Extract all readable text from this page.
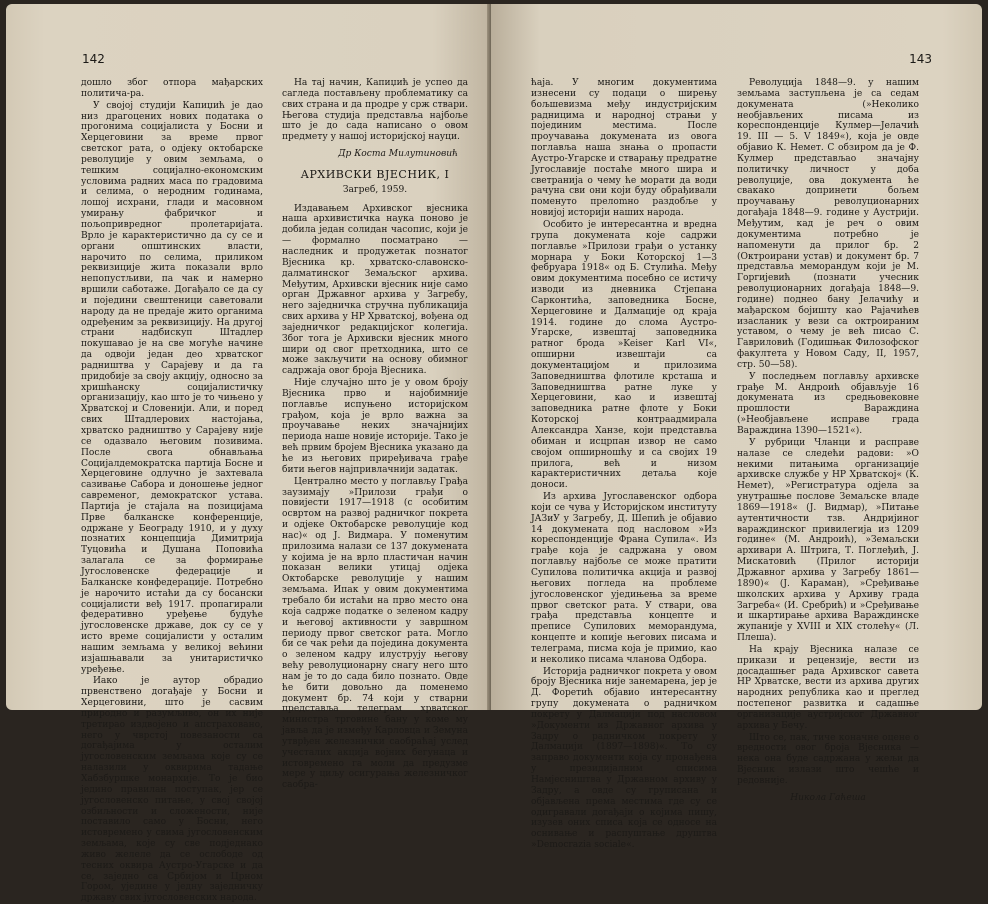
142

дошло због отпора мађарских политича-ра.

У својој студији Капиџић је дао низ драгоцених нових података о прогонима социјалиста у Босни и Херцеговини за време првог светског рата, о одјеку октобарске револуције у овим земљама, о тешким социјално-економским условима радних маса по градовима и селима, о неродним годинама, лошој исхрани, глади и масовном умирању фабричког и пољопривредног пролетаријата. Врло је карактеристично да су се и органи општинских власти, нарочито по селима, приликом реквизиције жита показали врло непопустљиви, па чак и намерно вршили саботаже. Догађало се да су и поједини свештеници саветовали народу да не предаје жито органима одређеним за реквизицију. На другој страни надбискуп Штадлер покушавао је на све могуће начине да одвоји један део хрватског радништва у Сарајеву и да га придобије за своју акцију, односно за хришћанску социјалистичку организацију, као што је то чињено у Хрватској и Словенији. Али, и поред свих Штадлерових настојања, хрватско радништво у Сарајеву није се одазвало његовим позивима. После свога обнављања Социјалдемократска партија Босне и Херцеговине одлучно је захтевала сазивање Сабора и доношење једног савременог, демократског устава. Партија је стајала на позицијама Прве балканске конференције, одржане у Београду 1910, и у духу познатих концепција Димитрија Туцовића и Душана Поповића залагала се за формирање Југословенске федерације и Балканске конфедерације. Потребно је нарочито истаћи да су босански социјалисти веђ 1917. пропагирали федеративно уређење будуће југословенске државе, док су се у исто време социјалисти у осталим нашим земљама у великој већини изјашњавали за унитаристичко уређење.

Иако је аутор обрадио првенствено догађаје у Босни и Херцеговини, што је сасвим природно и разумљиво, он их није третирао издвојено и апстраховано, него у чврстој повезаности са догађајима у осталим југословенским земљама које су се налазили у оквирима тадање Хабзбуршке монархије. То је био једино правилан поступак, јер се југословенско питање, у свој својој озбиљности и сложености, није поставило само у Босни, него истовремено у свима југословенским земљама, које су све подједнако живо желеле да се ослободе од тесних оквира Аустро-Угарске и да се, заједно са Србијом и Црном Гором, уједине у једну заједничку државу свих југословенских народа.

На тај начин, Капиџић је успео да сагледа постављену проблематику са свих страна и да продре у срж ствари. Његова студија представља најбоље што је до сада написано о овом предмету у нашој историјској науци.

Др Коста Милутиновић
АРХИВСКИ ВЈЕСНИК, I
Загреб, 1959.

Издавањем Архивског вјесника наша архивистичка наука поново је добила један солидан часопис, који је — формално посматрано — наследник и продужетак познатог Вјесника кр. хрватско-славонско-далматинског Земаљског архива. Међутим, Архивски вјесник није само орган Државног архива у Загребу, него заједничка стручна публикација свих архива у НР Хрватској, вођена од заједничког редакцијског колегија. Због тога је Архивски вјесник много шири од свог претходника, што се може закључити на основу обимног садржаја овог броја Вјесника.

Није случајно што је у овом броју Вјесника прво и најобимније поглавље испуњено историјском грађом, која је врло важна за проучавање неких значајнијих периода наше новије историје. Тако је већ првим бројем Вјесника указано да ће из његових приређивача грађе бити његов најпривлачнији задатак.

Централно место у поглављу Грађа заузимају »Прилози грађи о повијести 1917—1918 (с особитим освртом на развој радничког покрета и одјеке Октобарске револуције код нас)« од Ј. Видмара. У поменутим прилозима налази се 137 докумената у којима је на врло пластичан начин показан велики утицај одјека Октобарске револуције у нашим земљама. Ипак у овим документима требало би истаћи на прво место она која садрже податке о зеленом кадру и његовој активности у завршном периоду првог светског рата. Могло би се чак рећи да поједина документа о зеленом кадру илуструју његову већу револуционарну снагу него што нам је то до сада било познато. Овде ће бити довољно да поменемо документ бр. 74 који у стварни представља телеграм хрватског министра трговине бану у коме му јавља да је између Карловца и Земуна утврђен железнички саобраћај услед учесталих акција војних бегунаца и истовремено га моли да предузме мере у циљу осигурања железничког саобра-

143

ћаја. У многим документима изнесени су подаци о ширењу бољшевизма међу индустријским радницима и народној страњи у појединим местима. После проучавања докумената из овога поглавља наша знања о пропасти Аустро-Угарске и стварању предратне Југославије постаће много шира и светранија о чему ће морати да води рачуна сви они који буду обрађивали поменуто прелomно раздобље у новијој историји наших народа.

Особито је интересантна и вредна група докумената које садржи поглавље »Прилози грађи о устанку морнара у Боки Которској 1—3 фебруара 1918« од Б. Стулића. Међу овим документима посебно се истичу изводи из дневника Стјепана Сарконтића, заповедника Босне, Херцеговине и Далмације од краја 1914. године до слома Аустро-Угарске, извештај заповедника ратног брода »Keiser Karl VI«, опширни извештаји са документацијом и прилозима Заповедништва флотиле крсташа и Заповедништва ратне луке у Херцеговини, као и извештај заповедника ратне флоте у Боки Которској контраадмирала Александра Ханзе, који представља обиман и исцрпан извор не само својом опширношћу и са својих 19 прилога, већ и низом карактеристичних детаља које доноси.

Из архива Југославенског одбора који се чува у Историјском институту ЈАЗиУ у Загребу, Д. Шепић је објавио 14 докумената под насловом »Из кореспонденције Франа Супила«. Из грађе која је садржана у овом поглављу најбоље се може пратити Супилова политичка акција и развој његових погледа на проблеме југословенског уједињења за време првог светског рата. У ствари, ова грађа представља концепте и преписе Супилових меморандума, концепте и копије његових писама и телеграма, писма која је примио, као и неколико писама чланова Одбора.

Историја радничког покрета у овом броју Вјесника није занемарена, јер је Д. Форетић објавио интересантну групу докумената о радничком покрету у Далмацији под насловом »Документи из Државног архива у Задру о радничком покрету у Далмацији (1897—1898)«. То су заправо документи која су пронађена у президијалним списима Намјесништва у Државном архиву у Задру, а овде су груписана и објављена према местима где су се одигравали догађаји о којима пишу, изузев оних списа која се односе на оснивање и распуштање друштва »Democrazia sociale«.

Револуција 1848—9. у нашим земљама заступљена је са седам докумената (»Неколико необјављених писама из кореспонденције Кулмер—Јелачић 19. III — 5. V 1849«), која је овде објавио К. Немет. С обзиром да је Ф. Кулмер представљао значајну политичку личност у доба револуције, ова документа ће свакако допринети бољем проучавању револуционарних догађаја 1848—9. године у Аустрији. Међутим, кад је реч о овим документима потребно је напоменути да прилог бр. 2 (Октроирани устав) и документ бр. 7 представља меморандум који је М. Горгијевић (познати учесник револуционарних догађаја 1848—9. године) поднео бану Јелачићу и мађарском бојишту као Рајачићев изасланик у вези са октроираним уставом, о чему је већ писао С. Гавриловић (Годишњак Филозофског факултета у Новом Саду, II, 1957, стр. 50—58).

У последњем поглављу архивске грађе М. Андроић објављује 16 докумената из средњовековне прошлости Вараждина (»Необјављене исправе града Вараждина 1390—1521«).

У рубрици Чланци и расправе налазе се следећи радови: »О некими питањима организације архивске службе у НР Хрватској« (К. Немет), »Регистратура одјела за унутрашње послове Земаљске владе 1869—1918« (Ј. Видмар), »Питање аутентичности тзв. Андријиног вараждинског привилегија из 1209 године« (М. Андроић), »Земаљски архивари А. Штрига, Т. Поглеђић, Ј. Мискатовић (Прилог историји Државног архива у Загребу 1861—1890)« (Ј. Караман), »Сређивање школских архива у Архиву града Загреба« (И. Сребрић) и »Сређивање и шкартирање архива Вараждинске жупаније у XVIII и XIX столећу« (Л. Плеша).

На крају Вјесника налазе се прикази и рецензије, вести из досадашњег рада Архивског савета НР Хрватске, вести из архива других народних република као и преглед постепеног развитка и садашње организације аустријског Државног архива у Бечу.

Што се, пак, тиче коначне оцене о вредности овог броја Вјесника — нека она буде садржана у жељи да Вјесник излази што чешће и редовније.

Никола Гаћеша
